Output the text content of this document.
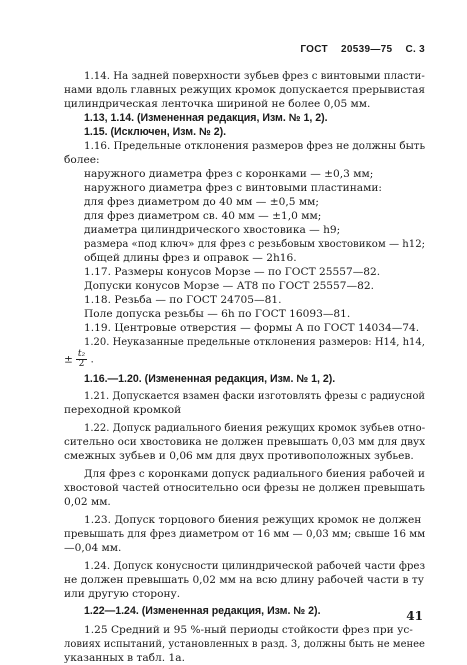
ГОСТ 20539—75 С. 3
1.14. На задней поверхности зубьев фрез с винтовыми пласти-
нами вдоль главных режущих кромок допускается прерывистая
цилиндрическая ленточка шириной не более 0,05 мм.
1.13, 1.14. (Измененная редакция, Изм. № 1, 2).
1.15. (Исключен, Изм. № 2).
1.16. Предельные отклонения размеров фрез не должны быть
более:
наружного диаметра фрез с коронками — ±0,3 мм;
наружного диаметра фрез с винтовыми пластинами:
для фрез диаметром до 40 мм — ±0,5 мм;
для фрез диаметром св. 40 мм — ±1,0 мм;
диаметра цилиндрического хвостовика — h9;
размера «под ключ» для фрез с резьбовым хвостовиком — h12;
общей длины фрез и оправок — 2h16.
1.17. Размеры конусов Морзе — по ГОСТ 25557—82.
Допуски конусов Морзе — АТ8 по ГОСТ 25557—82.
1.18. Резьба — по ГОСТ 24705—81.
Поле допуска резьбы — 6h по ГОСТ 16093—81.
1.19. Центровые отверстия — формы А по ГОСТ 14034—74.
1.20. Неуказанные предельные отклонения размеров: Н14, h14,
± $\frac{\text{t₂}}{2}$ .
1.16.—1.20. (Измененная редакция, Изм. № 1, 2).
1.21. Допускается взамен фаски изготовлять фрезы с радиусной
переходной кромкой
1.22. Допуск радиального биения режущих кромок зубьев отно-
сительно оси хвостовика не должен превышать 0,03 мм для двух
смежных зубьев и 0,06 мм для двух противоположных зубьев.
Для фрез с коронками допуск радиального биения рабочей и
хвостовой частей относительно оси фрезы не должен превышать
0,02 мм.
1.23. Допуск торцового биения режущих кромок не должен
превышать для фрез диаметром от 16 мм — 0,03 мм; свыше 16 мм
—0,04 мм.
1.24. Допуск конусности цилиндрической рабочей части фрез
не должен превышать 0,02 мм на всю длину рабочей части в ту
или другую сторону.
1.22—1.24. (Измененная редакция, Изм. № 2).
1.25 Средний и 95 %-ный периоды стойкости фрез при ус-
ловиях испытаний, установленных в разд. 3, должны быть не менее
указанных в табл. 1а.
41
